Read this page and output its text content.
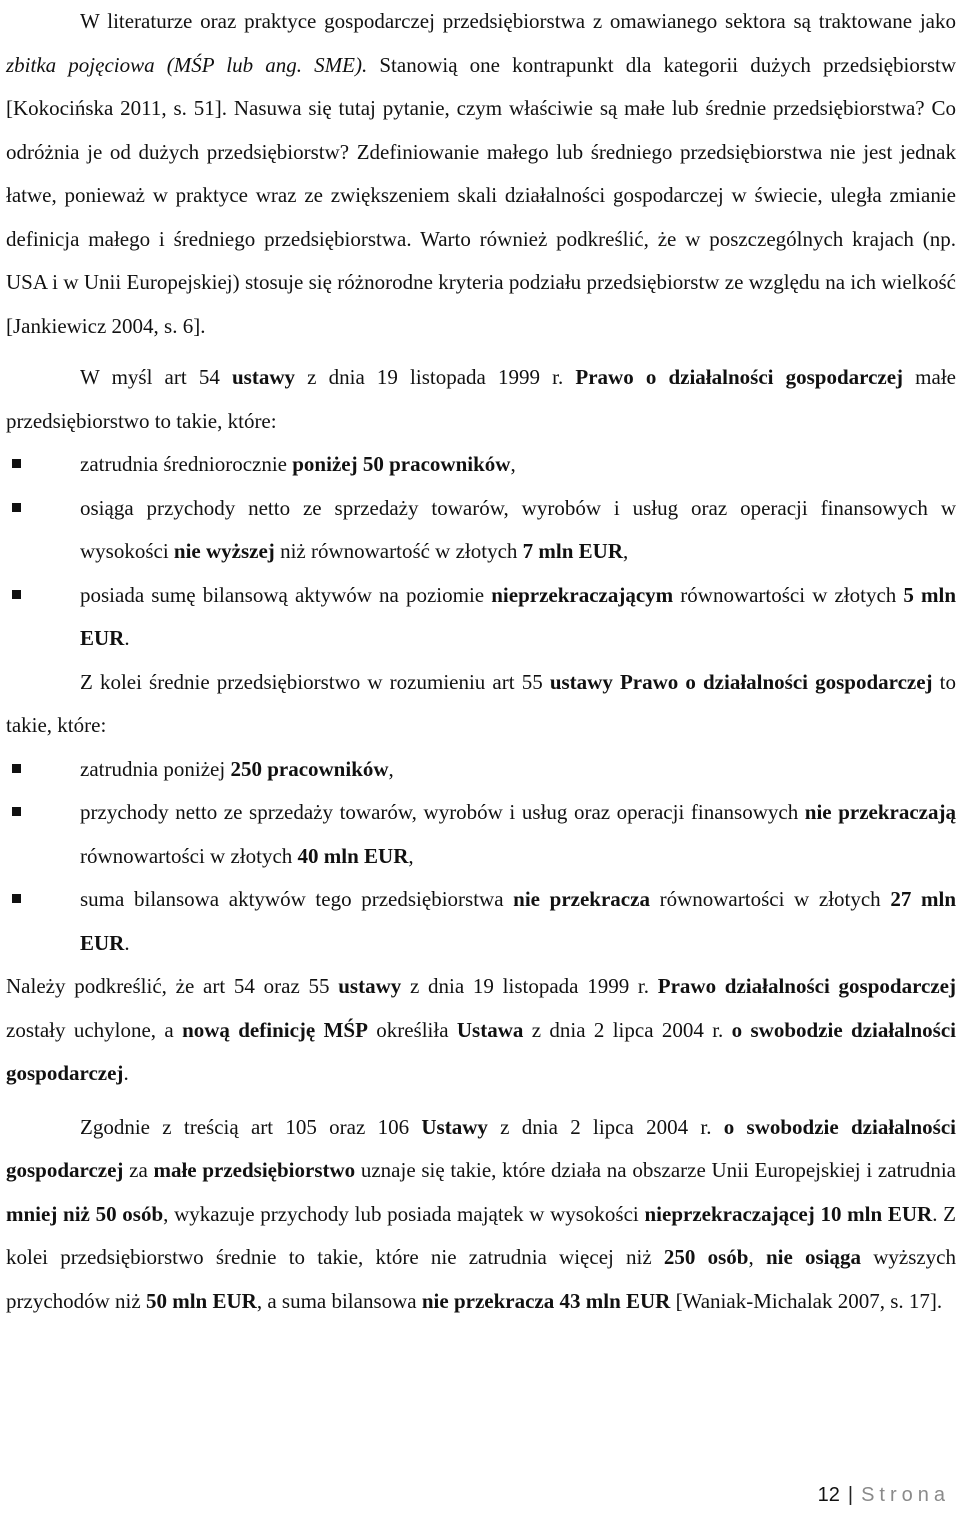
W literaturze oraz praktyce gospodarczej przedsiębiorstwa z omawianego sektora są traktowane jako zbitka pojęciowa (MŚP lub ang. SME). Stanowią one kontrapunkt dla kategorii dużych przedsiębiorstw [Kokocińska 2011, s. 51]. Nasuwa się tutaj pytanie, czym właściwie są małe lub średnie przedsiębiorstwa? Co odróżnia je od dużych przedsiębiorstw? Zdefiniowanie małego lub średniego przedsiębiorstwa nie jest jednak łatwe, ponieważ w praktyce wraz ze zwiększeniem skali działalności gospodarczej w świecie, uległa zmianie definicja małego i średniego przedsiębiorstwa. Warto również podkreślić, że w poszczególnych krajach (np. USA i w Unii Europejskiej) stosuje się różnorodne kryteria podziału przedsiębiorstw ze względu na ich wielkość [Jankiewicz 2004, s. 6].

W myśl art 54 ustawy z dnia 19 listopada 1999 r. Prawo o działalności gospodarczej małe przedsiębiorstwo to takie, które:

zatrudnia średniorocznie poniżej 50 pracowników,
osiąga przychody netto ze sprzedaży towarów, wyrobów i usług oraz operacji finansowych w wysokości nie wyższej niż równowartość w złotych 7 mln EUR,
posiada sumę bilansową aktywów na poziomie nieprzekraczającym równowartości w złotych 5 mln EUR.

Z kolei średnie przedsiębiorstwo w rozumieniu art 55 ustawy Prawo o działalności gospodarczej to takie, które:

zatrudnia poniżej 250 pracowników,
przychody netto ze sprzedaży towarów, wyrobów i usług oraz operacji finansowych nie przekraczają równowartości w złotych 40 mln EUR,
suma bilansowa aktywów tego przedsiębiorstwa nie przekracza równowartości w złotych 27 mln EUR.

Należy podkreślić, że art 54 oraz 55 ustawy z dnia 19 listopada 1999 r. Prawo działalności gospodarczej zostały uchylone, a nową definicję MŚP określiła Ustawa z dnia 2 lipca 2004 r. o swobodzie działalności gospodarczej.

Zgodnie z treścią art 105 oraz 106 Ustawy z dnia 2 lipca 2004 r. o swobodzie działalności gospodarczej za małe przedsiębiorstwo uznaje się takie, które działa na obszarze Unii Europejskiej i zatrudnia mniej niż 50 osób, wykazuje przychody lub posiada majątek w wysokości nieprzekraczającej 10 mln EUR. Z kolei przedsiębiorstwo średnie to takie, które nie zatrudnia więcej niż 250 osób, nie osiąga wyższych przychodów niż 50 mln EUR, a suma bilansowa nie przekracza 43 mln EUR [Waniak-Michalak 2007, s. 17].

12 | Strona
